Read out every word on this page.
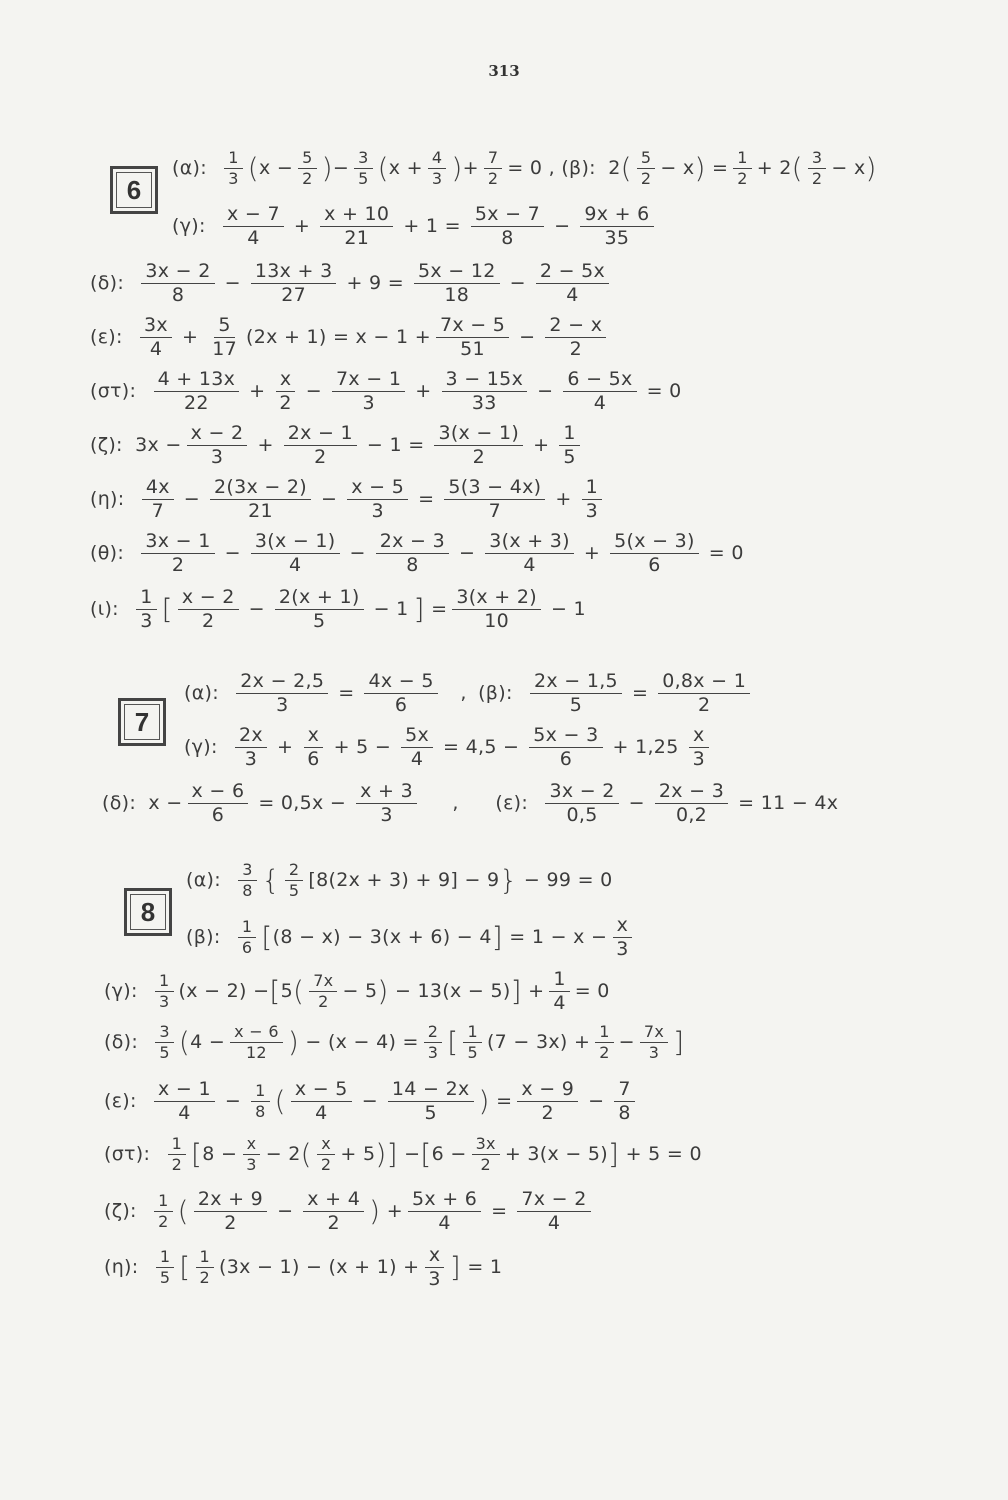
313
6
(α): $\frac{1}{3} (x - \frac{5}{2}$ )− $\frac{3}{5} (x + \frac{4}{3}$ )+ $\frac{7}{2} = 0$ , (β): $2( \frac{5}{2} - x) = \frac{1}{2} + 2( \frac{3}{2} - x)$
(γ): $\frac{x - 7}{4} + \frac{x + 10}{21} + 1 = \frac{5x - 7}{8} - \frac{9x + 6}{35}$
(δ): $\frac{3x - 2}{8} - \frac{13x + 3}{27} + 9 = \frac{5x - 12}{18} - \frac{2 - 5x}{4}$
(ε): $\frac{3x}{4} + \frac{5}{17} (2x + 1) = x - 1 + \frac{7x - 5}{51} - \frac{2 - x}{2}$
(στ): $\frac{4 + 13x}{22} + \frac{x}{2} - \frac{7x - 1}{3} + \frac{3 - 15x}{33} - \frac{6 - 5x}{4} = 0$
(ζ): $3x - \frac{x - 2}{3} + \frac{2x - 1}{2} - 1 = \frac{3(x - 1)}{2} + \frac{1}{5}$
(η): $\frac{4x}{7} - \frac{2(3x - 2)}{21} - \frac{x - 5}{3} = \frac{5(3 - 4x)}{7} + \frac{1}{3}$
(θ): $\frac{3x - 1}{2} - \frac{3(x - 1)}{4} - \frac{2x - 3}{8} - \frac{3(x + 3)}{4} + \frac{5(x - 3)}{6} = 0$
(ι): $\frac{1}{3}$ [ $\frac{x - 2}{2} - \frac{2(x + 1)}{5} - 1$ ] = $\frac{3(x + 2)}{10} - 1$
7
(α): $\frac{2x - 2,5}{3} = \frac{4x - 5}{6}$ , (β): $\frac{2x - 1,5}{5} = \frac{0,8x - 1}{2}$
(γ): $\frac{2x}{3} + \frac{x}{6} + 5 - \frac{5x}{4} = 4,5 - \frac{5x - 3}{6} + 1,25 \frac{x}{3}$
(δ): $x - \frac{x - 6}{6} = 0,5x - \frac{x + 3}{3}$ ,     (ε): $\frac{3x - 2}{0,5} - \frac{2x - 3}{0,2} = 11 - 4x$
8
(α): $\frac{3}{8}$ { $\frac{2}{5} [8(2x + 3) + 9] - 9\} - 99 = 0$
(β): $\frac{1}{6} [(8 - x) - 3(x + 6) - 4] = 1 - x - \frac{x}{3}$
(γ): $\frac{1}{3} (x - 2) -[5( \frac{7x}{2} - 5) - 13(x - 5)] + \frac{1}{4} = 0$
(δ): $\frac{3}{5} (4 - \frac{x - 6}{12}$ ) − $(x - 4) = \frac{2}{3}$ [ $\frac{1}{5} (7 - 3x) + \frac{1}{2} - \frac{7x}{3}$ ]
(ε): $\frac{x - 1}{4} - \frac{1}{8}$ ( $\frac{x - 5}{4} - \frac{14 - 2x}{5}$ ) = $\frac{x - 9}{2} - \frac{7}{8}$
(στ): $\frac{1}{2} [8 - \frac{x}{3} - 2( \frac{x}{2} + 5)] -[6 - \frac{3x}{2} + 3(x - 5)] + 5 = 0$
(ζ): $\frac{1}{2}$ ( $\frac{2x + 9}{2} - \frac{x + 4}{2}$ ) + $\frac{5x + 6}{4} = \frac{7x - 2}{4}$
(η): $\frac{1}{5}$ [ $\frac{1}{2} (3x - 1) - (x + 1) + \frac{x}{3}$ ] = 1
